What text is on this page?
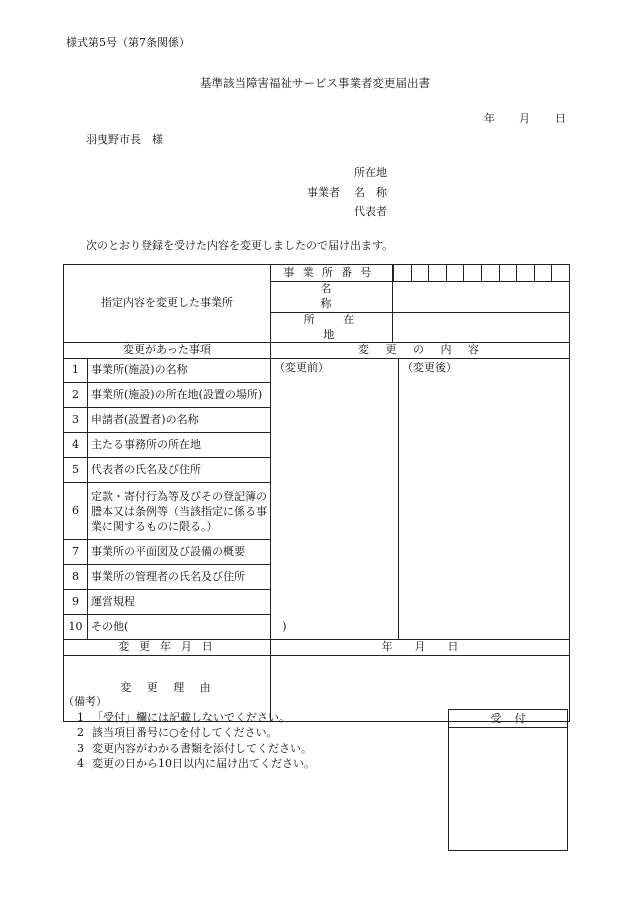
様式第5号（第7条関係）
基準該当障害福祉サービス事業者変更届出書
年 月 日
羽曳野市長　様
所在地
事業者 名　称
代表者
次のとおり登録を受けた内容を変更しましたので届け出ます。
指定内容を変更した事業所		事業所番号		

		名称		
		所在地		
変更があった事項		変更の内容		
1	事業所(施設)の名称	（変更前）		（変更後）
2	事業所(施設)の所在地(設置の場所)			
3	申請者(設置者)の名称			
4	主たる事務所の所在地			
5	代表者の氏名及び住所			
6	定款・寄付行為等及びその登記簿の謄本又は条例等（当該指定に係る事業に関するものに限る。）			
7	事業所の平面図及び設備の概要			
8	事業所の管理者の氏名及び住所			
9	運営規程			
10	その他(　　　　　　　　　　　　　　)			
変更年月日		年　　月　　日		
変更理由				
（備考）
1 「受付」欄には記載しないでください。
2 該当項目番号に○を付してください。
3 変更内容がわかる書類を添付してください。
4 変更の日から10日以内に届け出てください。
受付
